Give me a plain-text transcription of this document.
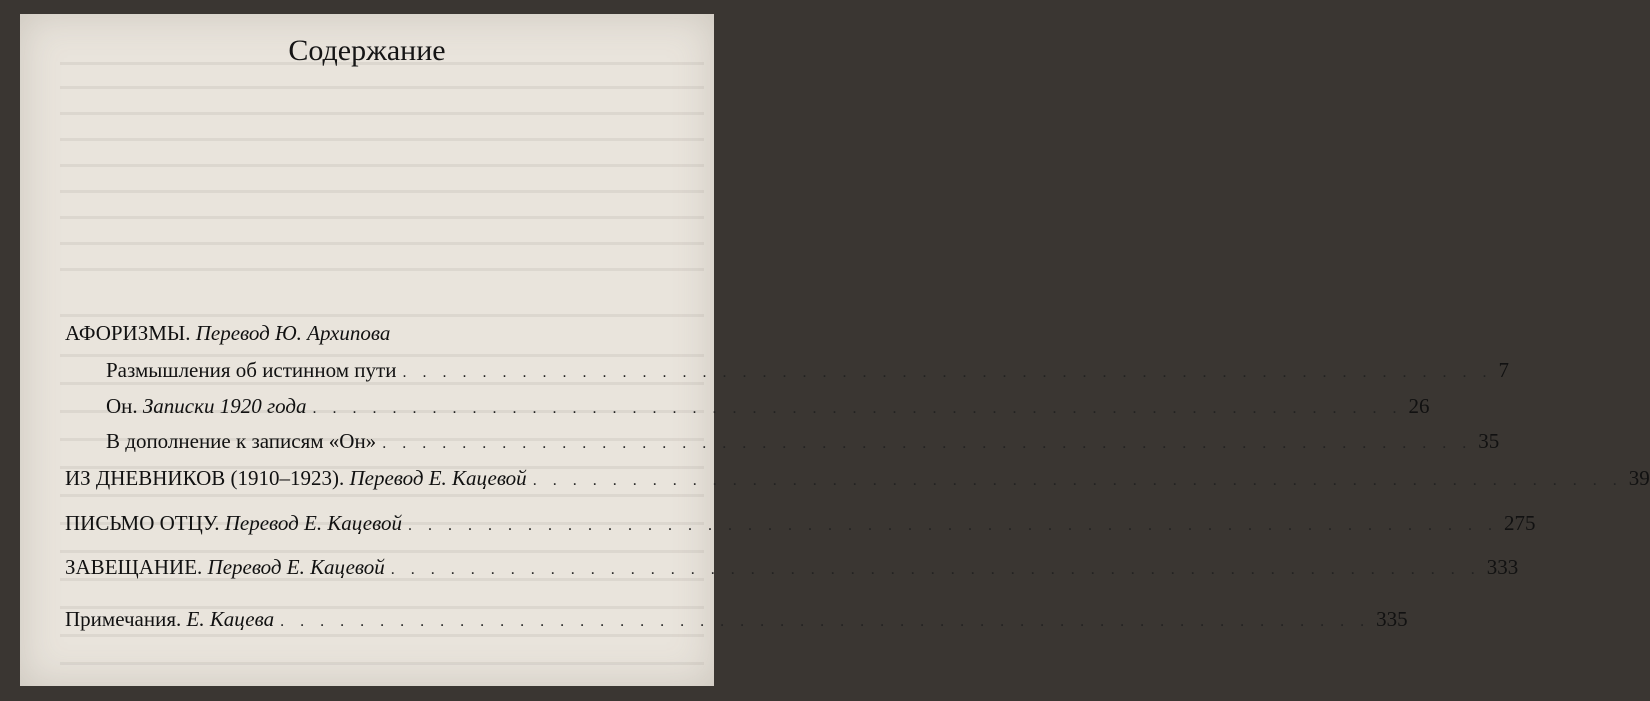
Содержание
АФОРИЗМЫ. Перевод Ю. Архипова
Размышления об истинном пути . . . . . . . . . . . . . . . . . . . . . . . . . . . . . . . . . . . . . . . . . . . . . . . . . . . . . . . 7
Он. Записки 1920 года . . . . . . . . . . . . . . . . . . . . . . . . . . . . . . . . . . . . . . . . . . . . . . . . . . . . . . . 26
В дополнение к записям «Он» . . . . . . . . . . . . . . . . . . . . . . . . . . . . . . . . . . . . . . . . . . . . . . . . . . . . . . . 35
ИЗ ДНЕВНИКОВ (1910–1923). Перевод Е. Кацевой . . . . . . . . . . . . . . . . . . . . . . . . . . . . . . . . . . . . . . . . . . . . . . . . . . . . . . . 39
ПИСЬМО ОТЦУ. Перевод Е. Кацевой . . . . . . . . . . . . . . . . . . . . . . . . . . . . . . . . . . . . . . . . . . . . . . . . . . . . . . . 275
ЗАВЕЩАНИЕ. Перевод Е. Кацевой . . . . . . . . . . . . . . . . . . . . . . . . . . . . . . . . . . . . . . . . . . . . . . . . . . . . . . . 333
Примечания. Е. Кацева . . . . . . . . . . . . . . . . . . . . . . . . . . . . . . . . . . . . . . . . . . . . . . . . . . . . . . . 335
